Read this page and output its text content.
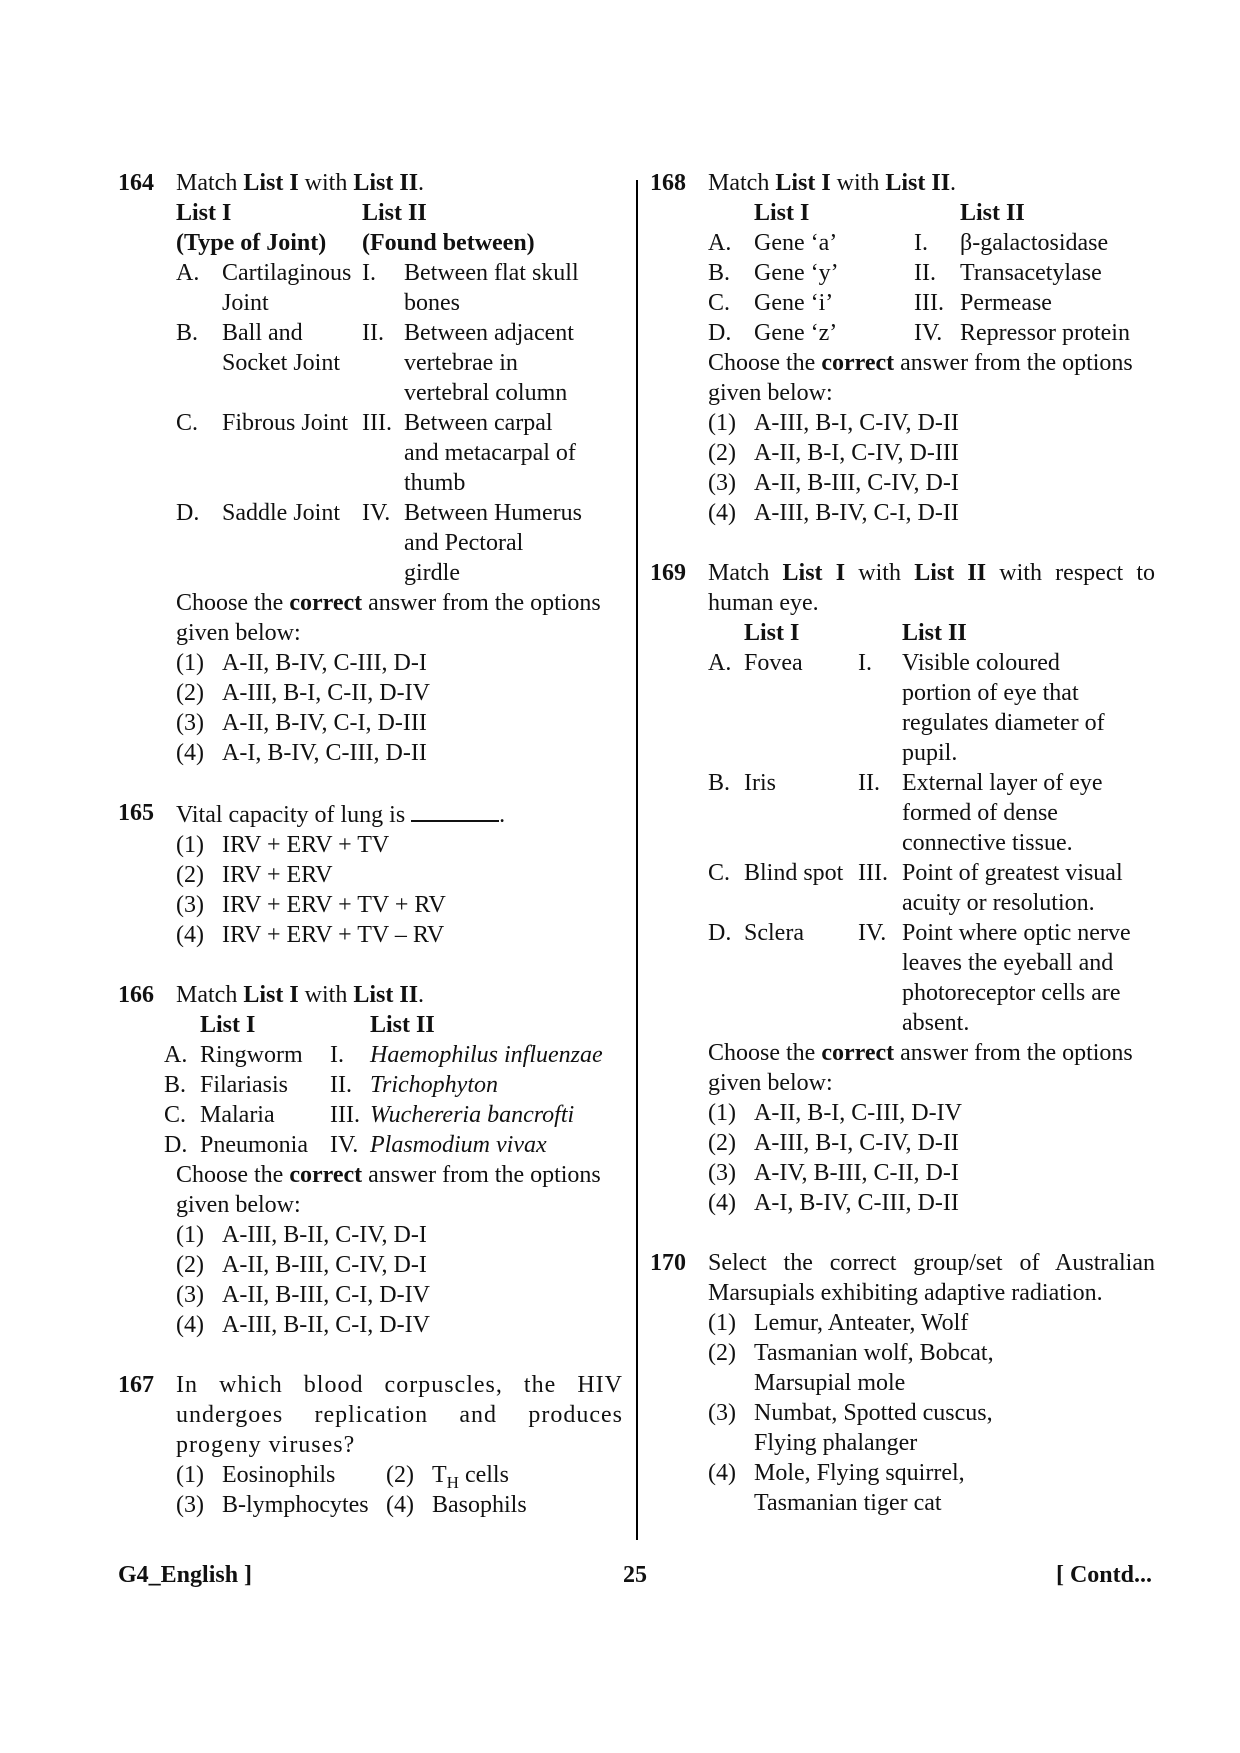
164 Match List I with List II.
List I		List II	
(Type of Joint)		(Found between)	
A.	Cartilaginous Joint	I.	Between flat skull bones
B.	Ball and Socket Joint	II.	Between adjacent vertebrae in vertebral column
C.	Fibrous Joint	III.	Between carpal and metacarpal of thumb
D.	Saddle Joint	IV.	Between Humerus and Pectoral girdle
Choose the correct answer from the options given below:
(1) A-II, B-IV, C-III, D-I
(2) A-III, B-I, C-II, D-IV
(3) A-II, B-IV, C-I, D-III
(4) A-I, B-IV, C-III, D-II
165 Vital capacity of lung is	.
(1) IRV + ERV + TV
(2) IRV + ERV
(3) IRV + ERV + TV + RV
(4) IRV + ERV + TV – RV
166 Match List I with List II.
	List I		List II
A.	Ringworm	I.	Haemophilus influenzae
B.	Filariasis	II.	Trichophyton
C.	Malaria	III.	Wuchereria bancrofti
D.	Pneumonia	IV.	Plasmodium vivax
Choose the correct answer from the options given below:
(1) A-III, B-II, C-IV, D-I
(2) A-II, B-III, C-IV, D-I
(3) A-II, B-III, C-I, D-IV
(4) A-III, B-II, C-I, D-IV
167 In which blood corpuscles, the HIV undergoes replication and produces progeny viruses?
(1) Eosinophils (2) $T_H$ cells
(3) B-lymphocytes (4) Basophils
168 Match List I with List II.
	List I		List II
A.	Gene ‘a’	I.	β-galactosidase
B.	Gene ‘y’	II.	Transacetylase
C.	Gene ‘i’	III.	Permease
D.	Gene ‘z’	IV.	Repressor protein
Choose the correct answer from the options given below:
(1) A-III, B-I, C-IV, D-II
(2) A-II, B-I, C-IV, D-III
(3) A-II, B-III, C-IV, D-I
(4) A-III, B-IV, C-I, D-II
169 Match List I with List II with respect to human eye.
List I			List II
A.	Fovea	I.	Visible coloured portion of eye that regulates diameter of pupil.
B.	Iris	II.	External layer of eye formed of dense connective tissue.
C.	Blind spot	III.	Point of greatest visual acuity or resolution.
D.	Sclera	IV.	Point where optic nerve leaves the eyeball and photoreceptor cells are absent.
Choose the correct answer from the options given below:
(1) A-II, B-I, C-III, D-IV
(2) A-III, B-I, C-IV, D-II
(3) A-IV, B-III, C-II, D-I
(4) A-I, B-IV, C-III, D-II
170 Select the correct group/set of Australian Marsupials exhibiting adaptive radiation.
(1) Lemur, Anteater, Wolf
(2) Tasmanian wolf, Bobcat, Marsupial mole
(3) Numbat, Spotted cuscus, Flying phalanger
(4) Mole, Flying squirrel, Tasmanian tiger cat
25
G4_English ]	[ Contd...
